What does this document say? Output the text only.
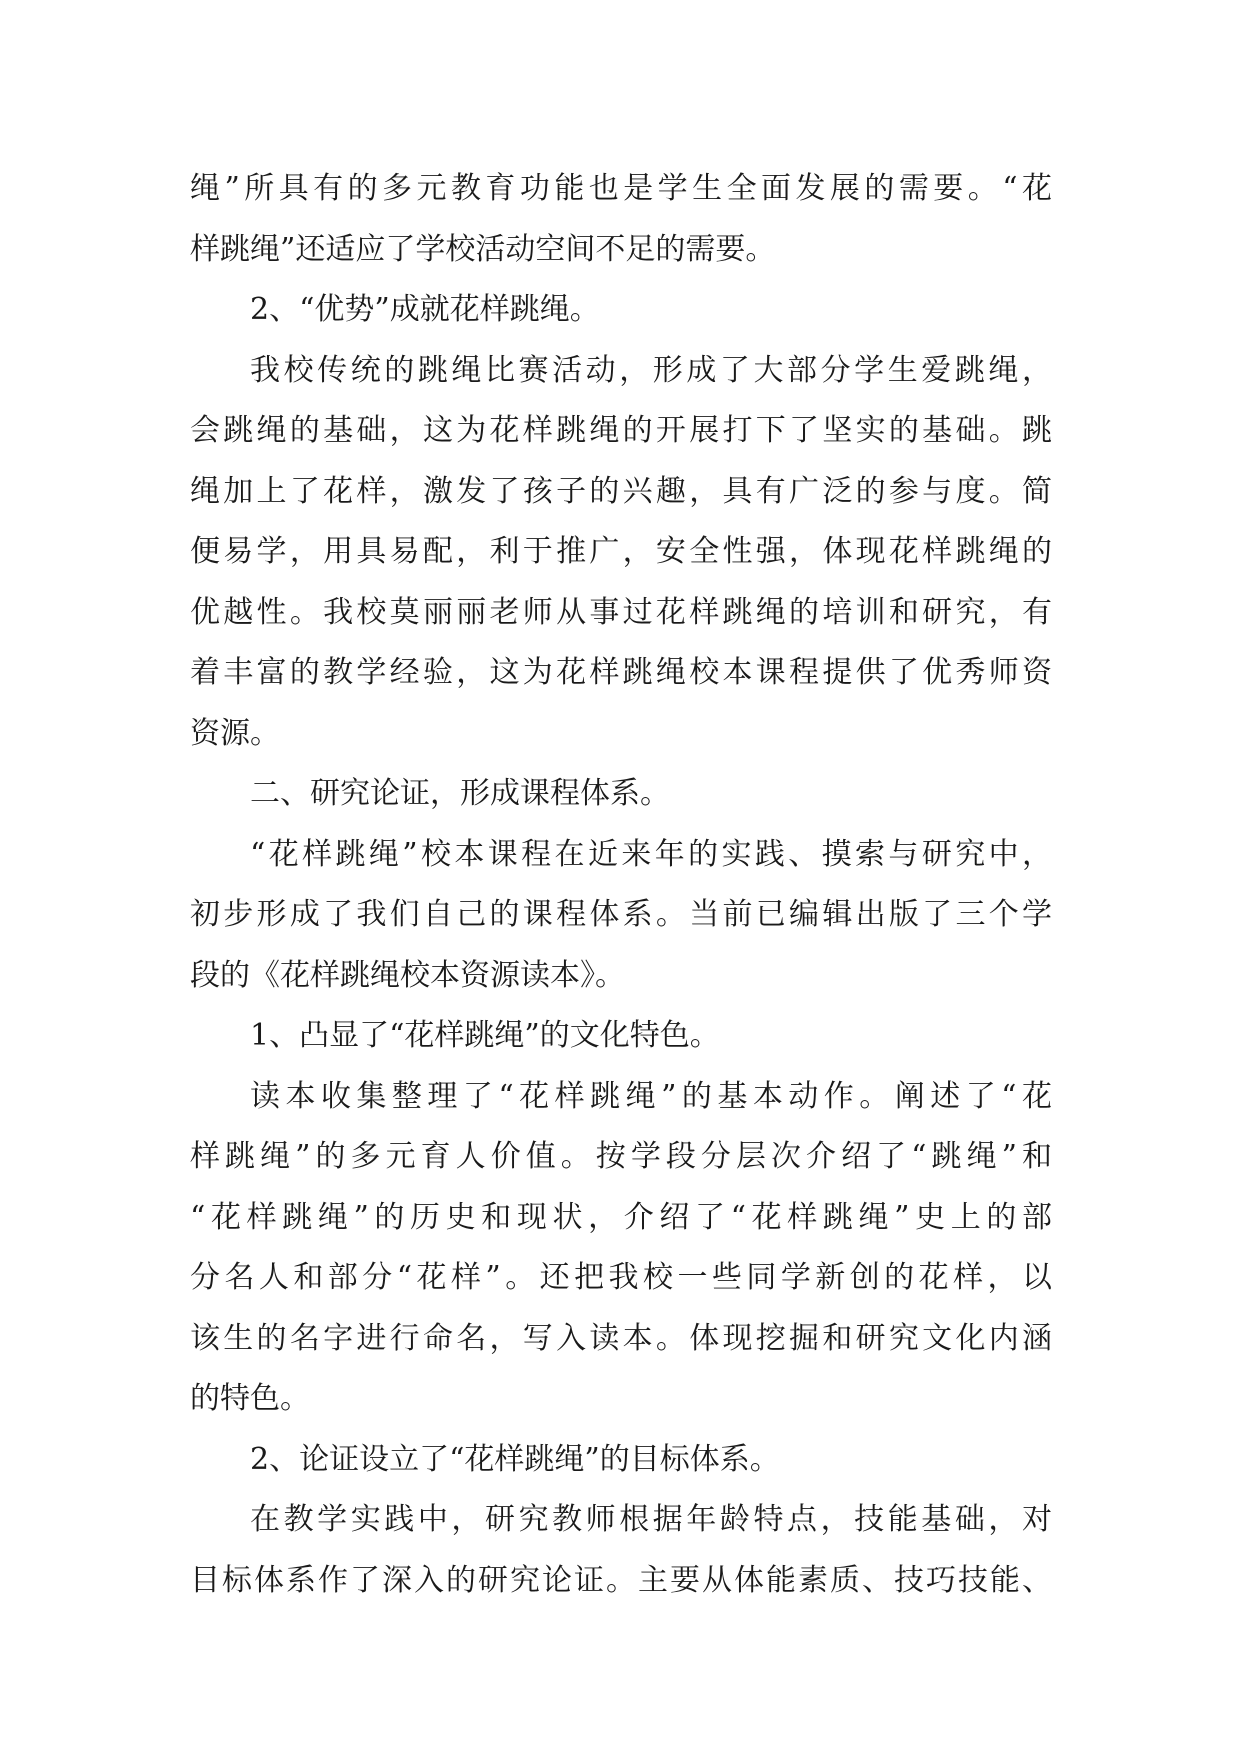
绳”所具有的多元教育功能也是学生全面发展的需要。“花
样跳绳”还适应了学校活动空间不足的需要。
2、“优势”成就花样跳绳。
我校传统的跳绳比赛活动，形成了大部分学生爱跳绳，
会跳绳的基础，这为花样跳绳的开展打下了坚实的基础。跳
绳加上了花样，激发了孩子的兴趣，具有广泛的参与度。简
便易学，用具易配，利于推广，安全性强，体现花样跳绳的
优越性。我校莫丽丽老师从事过花样跳绳的培训和研究，有
着丰富的教学经验，这为花样跳绳校本课程提供了优秀师资
资源。
二、研究论证，形成课程体系。
“花样跳绳”校本课程在近来年的实践、摸索与研究中，
初步形成了我们自己的课程体系。当前已编辑出版了三个学
段的《花样跳绳校本资源读本》。
1、凸显了“花样跳绳”的文化特色。
读本收集整理了“花样跳绳”的基本动作。阐述了“花
样跳绳”的多元育人价值。按学段分层次介绍了“跳绳”和
“花样跳绳”的历史和现状，介绍了“花样跳绳”史上的部
分名人和部分“花样”。还把我校一些同学新创的花样，以
该生的名字进行命名，写入读本。体现挖掘和研究文化内涵
的特色。
2、论证设立了“花样跳绳”的目标体系。
在教学实践中，研究教师根据年龄特点，技能基础，对
目标体系作了深入的研究论证。主要从体能素质、技巧技能、
